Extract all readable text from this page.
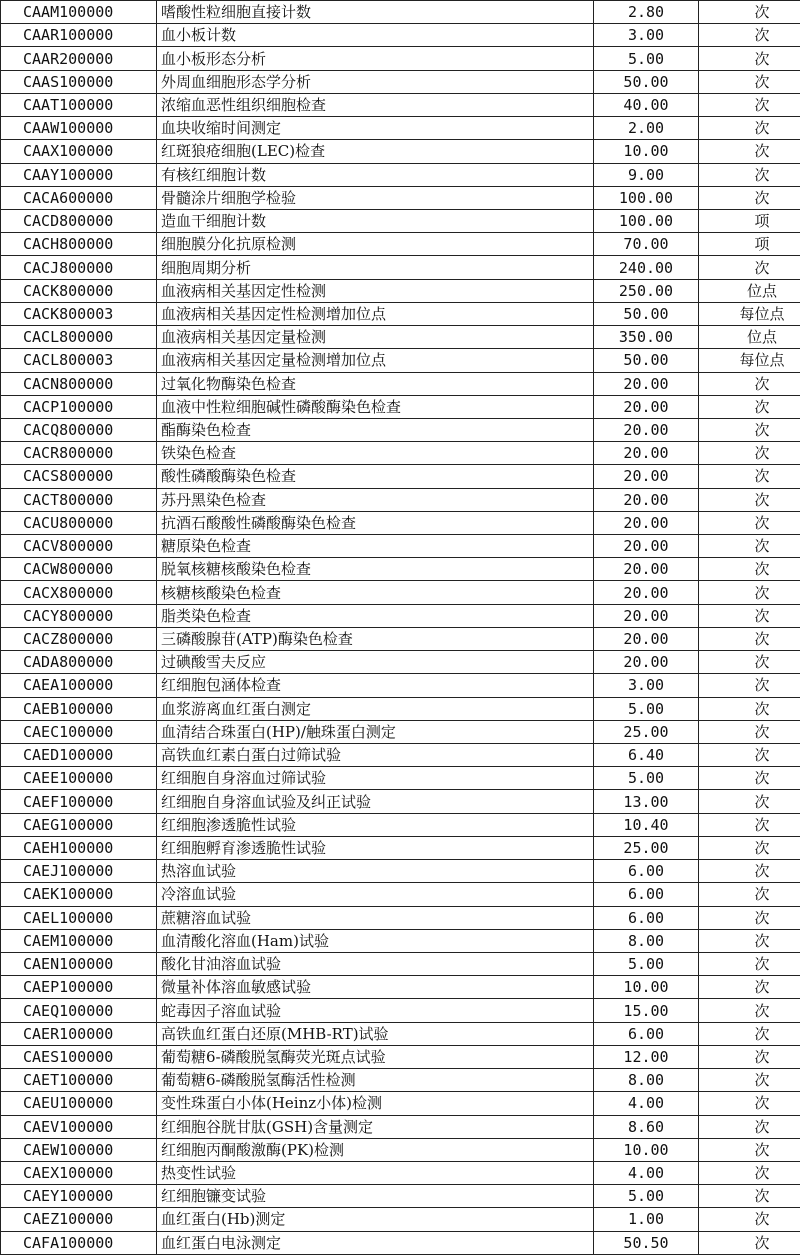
CAAM100000	嗜酸性粒细胞直接计数	2.80	次
CAAR100000	血小板计数	3.00	次
CAAR200000	血小板形态分析	5.00	次
CAAS100000	外周血细胞形态学分析	50.00	次
CAAT100000	浓缩血恶性组织细胞检查	40.00	次
CAAW100000	血块收缩时间测定	2.00	次
CAAX100000	红斑狼疮细胞(LEC)检查	10.00	次
CAAY100000	有核红细胞计数	9.00	次
CACA600000	骨髓涂片细胞学检验	100.00	次
CACD800000	造血干细胞计数	100.00	项
CACH800000	细胞膜分化抗原检测	70.00	项
CACJ800000	细胞周期分析	240.00	次
CACK800000	血液病相关基因定性检测	250.00	位点
CACK800003	血液病相关基因定性检测增加位点	50.00	每位点
CACL800000	血液病相关基因定量检测	350.00	位点
CACL800003	血液病相关基因定量检测增加位点	50.00	每位点
CACN800000	过氧化物酶染色检查	20.00	次
CACP100000	血液中性粒细胞碱性磷酸酶染色检查	20.00	次
CACQ800000	酯酶染色检查	20.00	次
CACR800000	铁染色检查	20.00	次
CACS800000	酸性磷酸酶染色检查	20.00	次
CACT800000	苏丹黑染色检查	20.00	次
CACU800000	抗酒石酸酸性磷酸酶染色检查	20.00	次
CACV800000	糖原染色检查	20.00	次
CACW800000	脱氧核糖核酸染色检查	20.00	次
CACX800000	核糖核酸染色检查	20.00	次
CACY800000	脂类染色检查	20.00	次
CACZ800000	三磷酸腺苷(ATP)酶染色检查	20.00	次
CADA800000	过碘酸雪夫反应	20.00	次
CAEA100000	红细胞包涵体检查	3.00	次
CAEB100000	血浆游离血红蛋白测定	5.00	次
CAEC100000	血清结合珠蛋白(HP)/触珠蛋白测定	25.00	次
CAED100000	高铁血红素白蛋白过筛试验	6.40	次
CAEE100000	红细胞自身溶血过筛试验	5.00	次
CAEF100000	红细胞自身溶血试验及纠正试验	13.00	次
CAEG100000	红细胞渗透脆性试验	10.40	次
CAEH100000	红细胞孵育渗透脆性试验	25.00	次
CAEJ100000	热溶血试验	6.00	次
CAEK100000	冷溶血试验	6.00	次
CAEL100000	蔗糖溶血试验	6.00	次
CAEM100000	血清酸化溶血(Ham)试验	8.00	次
CAEN100000	酸化甘油溶血试验	5.00	次
CAEP100000	微量补体溶血敏感试验	10.00	次
CAEQ100000	蛇毒因子溶血试验	15.00	次
CAER100000	高铁血红蛋白还原(MHB-RT)试验	6.00	次
CAES100000	葡萄糖6-磷酸脱氢酶荧光斑点试验	12.00	次
CAET100000	葡萄糖6-磷酸脱氢酶活性检测	8.00	次
CAEU100000	变性珠蛋白小体(Heinz小体)检测	4.00	次
CAEV100000	红细胞谷胱甘肽(GSH)含量测定	8.60	次
CAEW100000	红细胞丙酮酸激酶(PK)检测	10.00	次
CAEX100000	热变性试验	4.00	次
CAEY100000	红细胞镰变试验	5.00	次
CAEZ100000	血红蛋白(Hb)测定	1.00	次
CAFA100000	血红蛋白电泳测定	50.50	次
